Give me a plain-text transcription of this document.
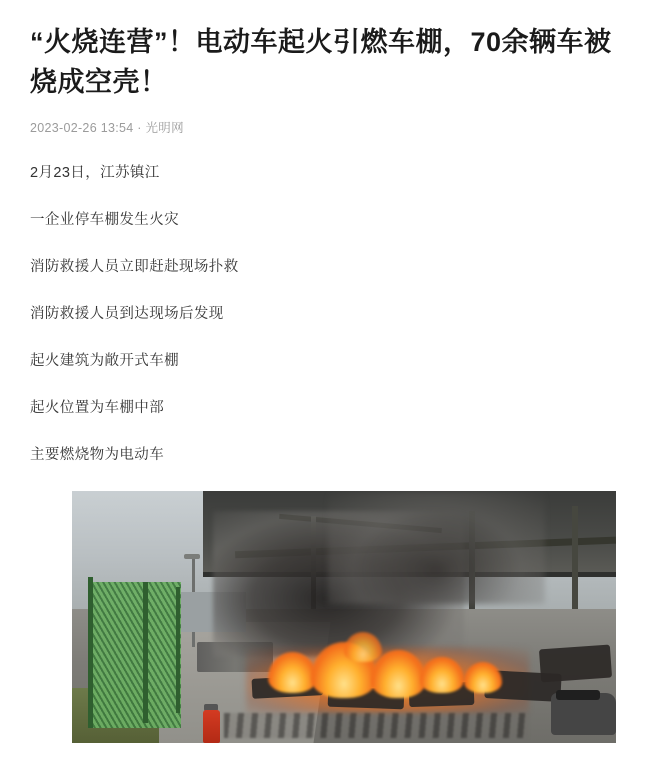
“火烧连营”！电动车起火引燃车棚，70余辆车被烧成空壳！
2023-02-26 13:54 · 光明网

2月23日，江苏镇江

一企业停车棚发生火灾

消防救援人员立即赶赴现场扑救

消防救援人员到达现场后发现

起火建筑为敞开式车棚

起火位置为车棚中部

主要燃烧物为电动车
